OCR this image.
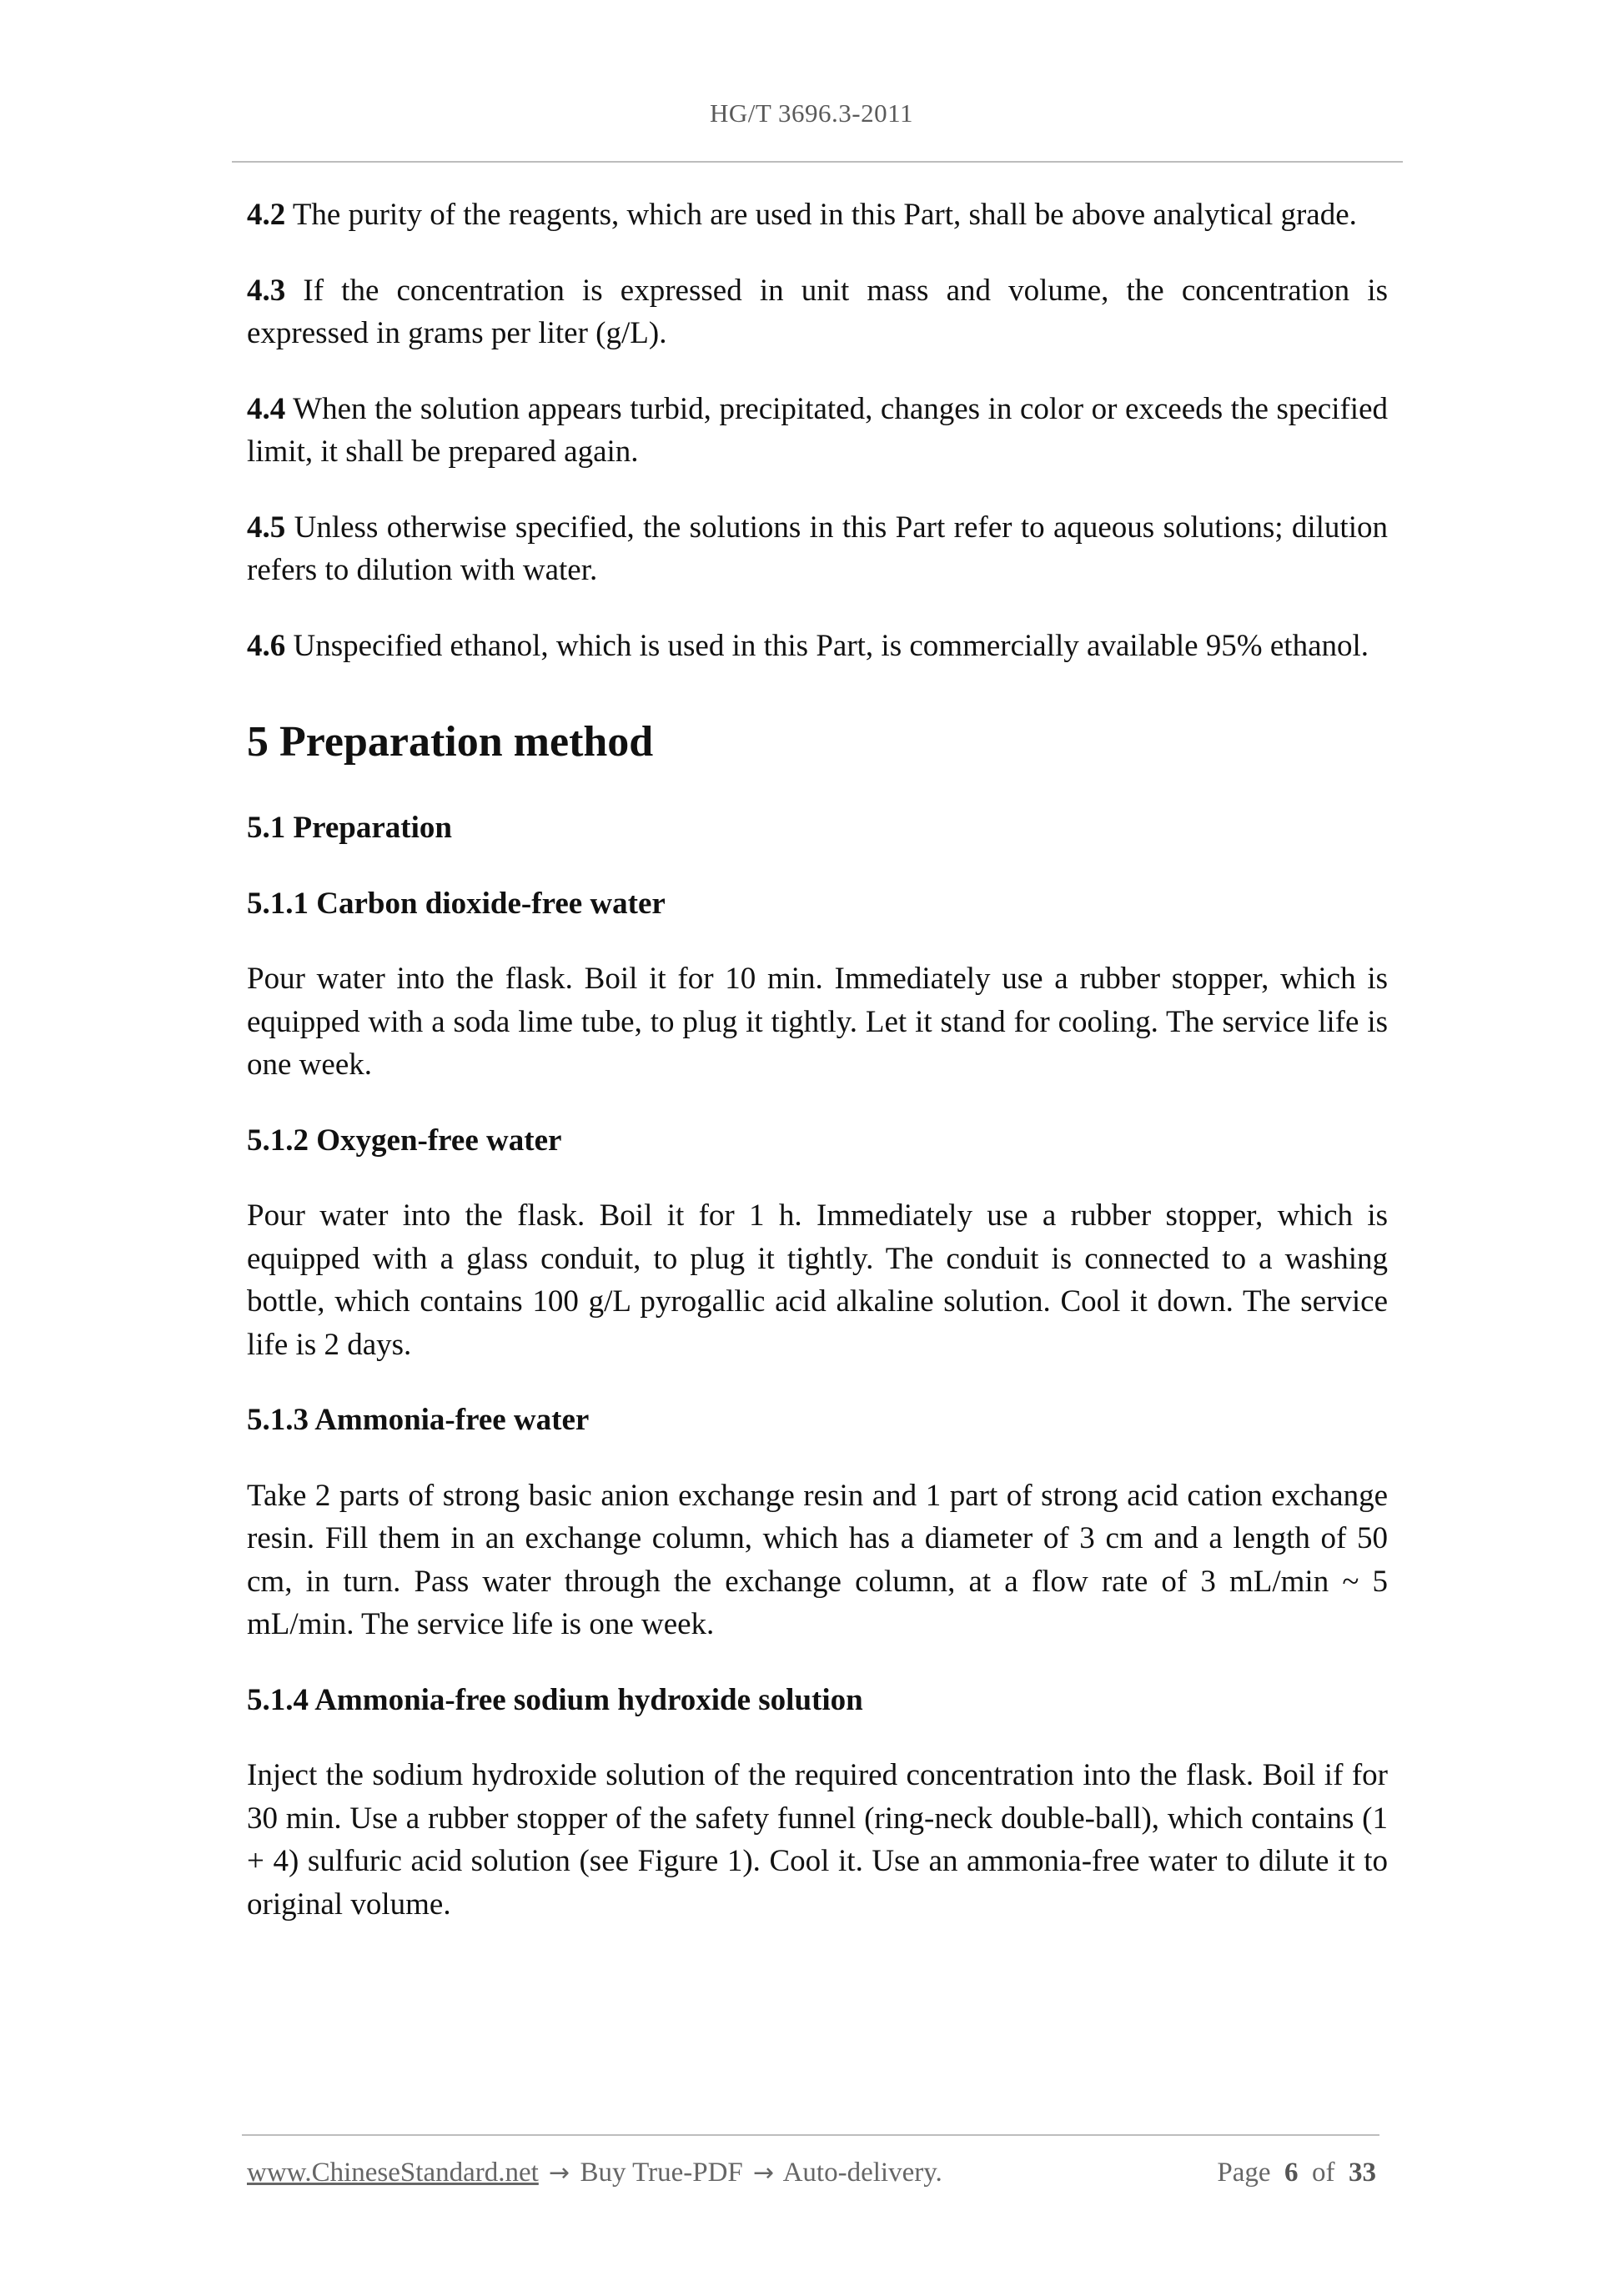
HG/T 3696.3-2011

4.2 The purity of the reagents, which are used in this Part, shall be above analytical grade.

4.3 If the concentration is expressed in unit mass and volume, the concentration is expressed in grams per liter (g/L).

4.4 When the solution appears turbid, precipitated, changes in color or exceeds the specified limit, it shall be prepared again.

4.5 Unless otherwise specified, the solutions in this Part refer to aqueous solutions; dilution refers to dilution with water.

4.6 Unspecified ethanol, which is used in this Part, is commercially available 95% ethanol.

5 Preparation method
5.1 Preparation
5.1.1 Carbon dioxide-free water

Pour water into the flask. Boil it for 10 min. Immediately use a rubber stopper, which is equipped with a soda lime tube, to plug it tightly. Let it stand for cooling. The service life is one week.

5.1.2 Oxygen-free water

Pour water into the flask. Boil it for 1 h. Immediately use a rubber stopper, which is equipped with a glass conduit, to plug it tightly. The conduit is connected to a washing bottle, which contains 100 g/L pyrogallic acid alkaline solution. Cool it down. The service life is 2 days.

5.1.3 Ammonia-free water

Take 2 parts of strong basic anion exchange resin and 1 part of strong acid cation exchange resin. Fill them in an exchange column, which has a diameter of 3 cm and a length of 50 cm, in turn. Pass water through the exchange column, at a flow rate of 3 mL/min ~ 5 mL/min. The service life is one week.

5.1.4 Ammonia-free sodium hydroxide solution

Inject the sodium hydroxide solution of the required concentration into the flask. Boil if for 30 min. Use a rubber stopper of the safety funnel (ring-neck double-ball), which contains (1 + 4) sulfuric acid solution (see Figure 1). Cool it. Use an ammonia-free water to dilute it to original volume.

www.ChineseStandard.net → Buy True-PDF → Auto-delivery.	Page 6 of 33
